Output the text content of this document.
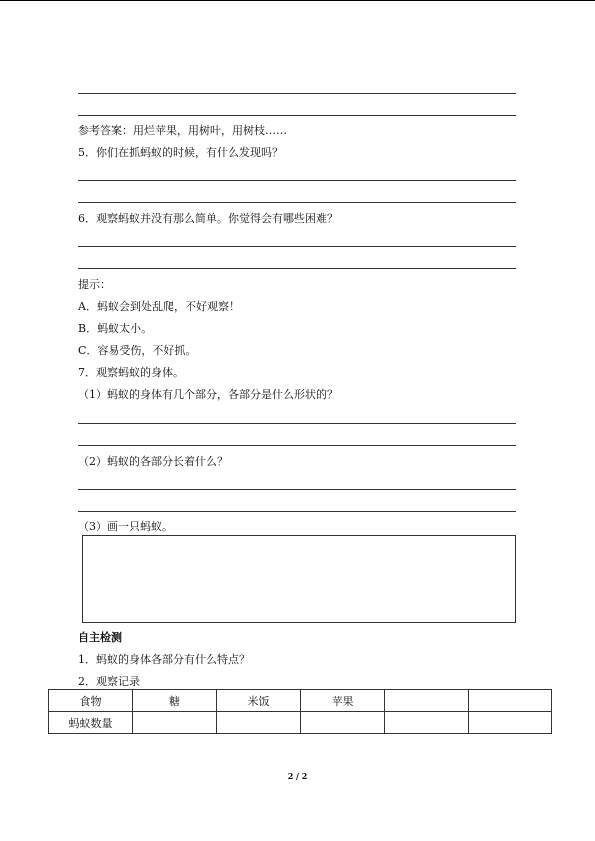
参考答案：用烂苹果，用树叶，用树枝……
5．你们在抓蚂蚁的时候，有什么发现吗？
6．观察蚂蚁并没有那么简单。你觉得会有哪些困难？
提示：
A．蚂蚁会到处乱爬，不好观察！
B．蚂蚁太小。
C．容易受伤，不好抓。
7．观察蚂蚁的身体。
（1）蚂蚁的身体有几个部分，各部分是什么形状的？
（2）蚂蚁的各部分长着什么？
（3）画一只蚂蚁。
自主检测
1．蚂蚁的身体各部分有什么特点？
2．观察记录
食物	糖	米饭	苹果		
蚂蚁数量					
2 / 2
